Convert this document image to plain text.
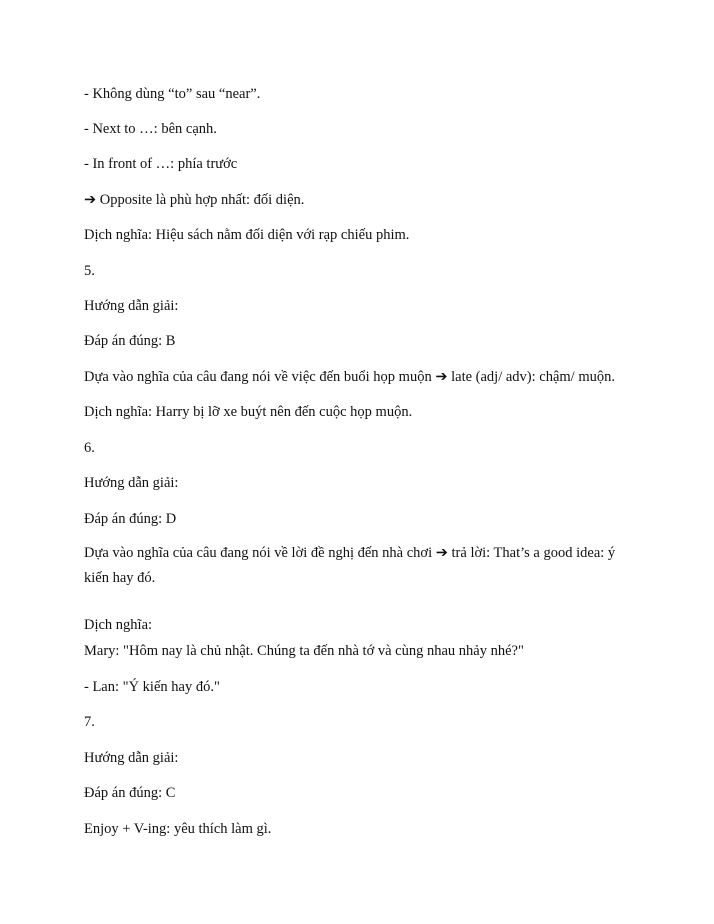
- Không dùng “to” sau “near”.
- Next to …: bên cạnh.
- In front of …: phía trước
➔ Opposite là phù hợp nhất: đối diện.
Dịch nghĩa: Hiệu sách nằm đối diện với rạp chiếu phim.
5.
Hướng dẫn giải:
Đáp án đúng: B
Dựa vào nghĩa của câu đang nói về việc đến buổi họp muộn ➔ late (adj/ adv): chậm/ muộn.
Dịch nghĩa: Harry bị lỡ xe buýt nên đến cuộc họp muộn.
6.
Hướng dẫn giải:
Đáp án đúng: D
Dựa vào nghĩa của câu đang nói về lời đề nghị đến nhà chơi ➔ trả lời: That’s a good idea: ý kiến hay đó.
Dịch nghĩa:
Mary: "Hôm nay là chủ nhật. Chúng ta đến nhà tớ và cùng nhau nhảy nhé?"
- Lan: "Ý kiến hay đó."
7.
Hướng dẫn giải:
Đáp án đúng: C
Enjoy + V-ing: yêu thích làm gì.
